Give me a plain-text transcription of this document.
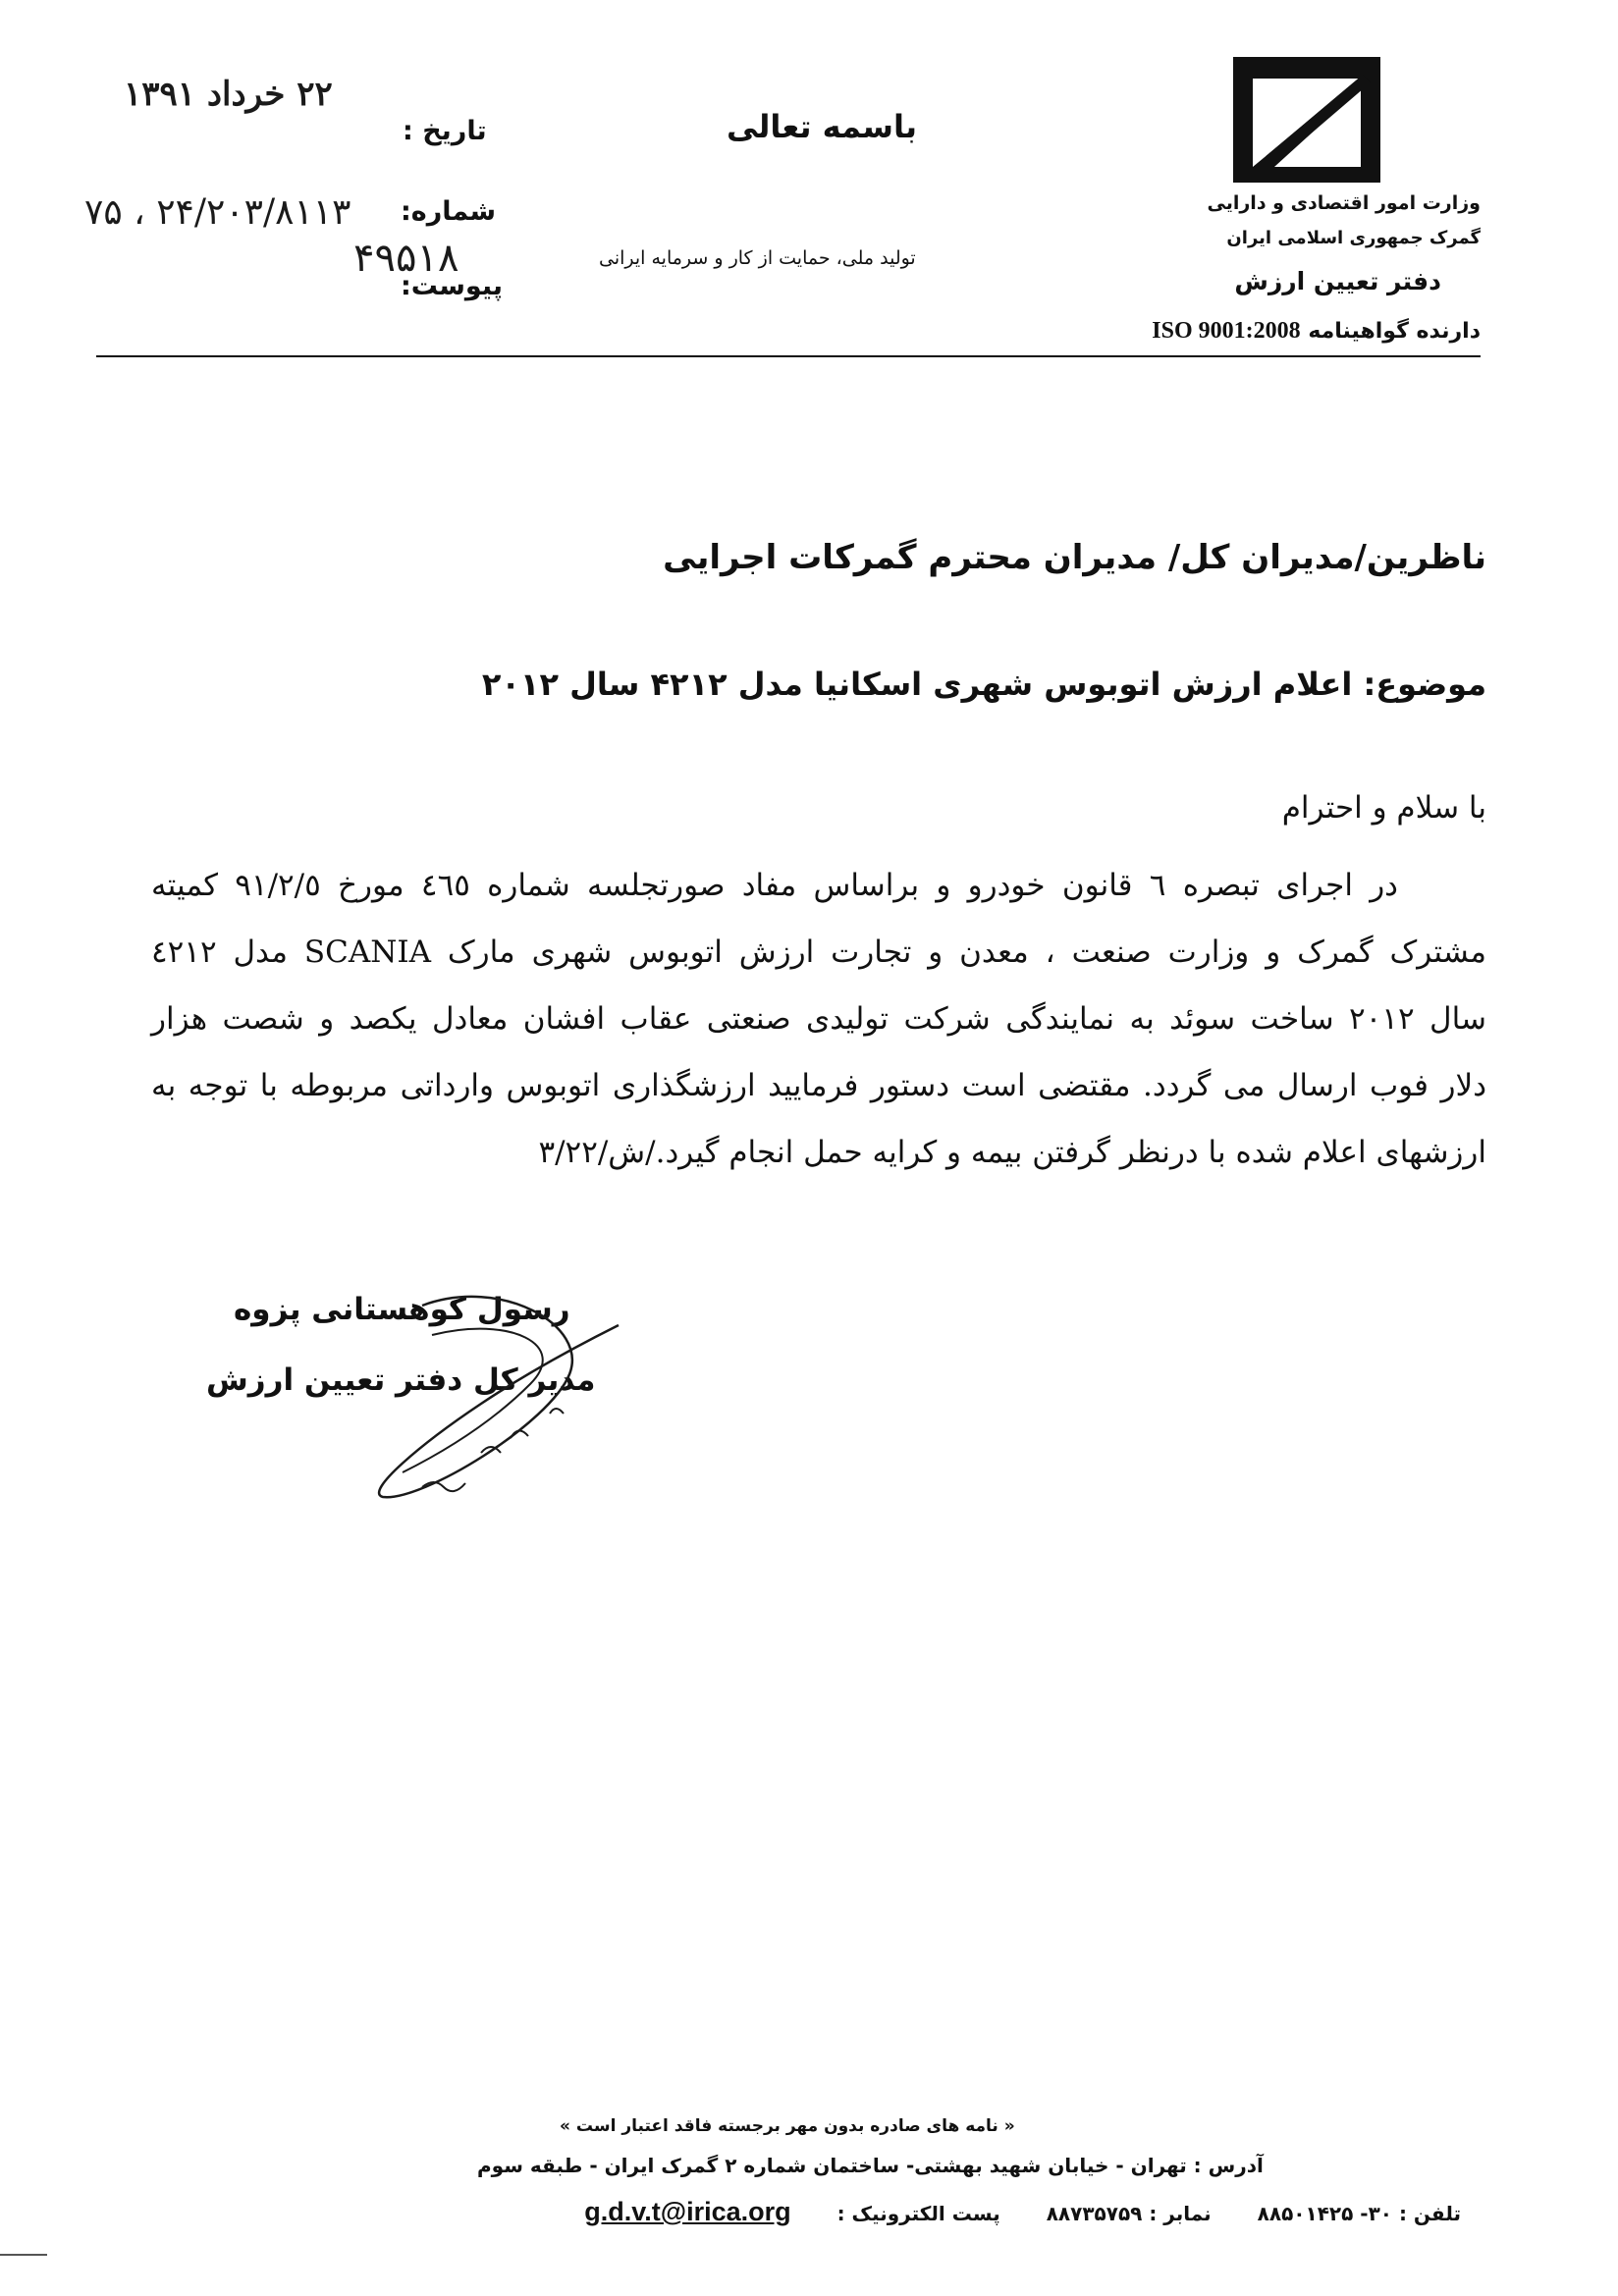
وزارت امور اقتصادی و دارایی
گمرک جمهوری اسلامی ایران
دفتر تعیین ارزش
دارنده گواهینامه ISO 9001:2008
باسمه تعالی
تولید ملی، حمایت از کار و سرمایه ایرانی
تاریخ :
شماره:
پیوست:
۲۲ خرداد ۱۳۹۱
۲۴/۲۰۳/۸۱۱۳ ، ۷۵
۴۹۵۱۸
ناظرین/مدیران کل/ مدیران محترم گمرکات اجرایی
موضوع: اعلام ارزش اتوبوس شهری اسکانیا مدل ۴۲۱۲ سال ۲۰۱۲
با سلام و احترام
در اجرای تبصره ٦ قانون خودرو و براساس مفاد صورتجلسه شماره ٤٦٥ مورخ ٩١/٢/٥ کمیته
مشترک گمرک و وزارت صنعت ، معدن و تجارت ارزش اتوبوس شهری مارک SCANIA مدل ٤٢١٢
سال ٢٠١٢ ساخت سوئد به نمایندگی شرکت تولیدی صنعتی عقاب افشان معادل یکصد و شصت هزار
دلار فوب ارسال می گردد. مقتضی است دستور فرمایید ارزشگذاری اتوبوس وارداتی مربوطه با توجه به
ارزشهای اعلام شده با درنظر گرفتن بیمه و کرایه حمل انجام گیرد./ش/٣/٢٢
رسول کوهستانی پزوه
مدیر کل دفتر تعیین ارزش
« نامه های صادره بدون مهر برجسته فاقد اعتبار است »
آدرس : تهران - خیابان شهید بهشتی- ساختمان شماره ۲ گمرک ایران - طبقه سوم
تلفن : ۳۰- ۸۸۵۰۱۴۲۵ نمابر : ۸۸۷۳۵۷۵۹ پست الکترونیک : g.d.v.t@irica.org
